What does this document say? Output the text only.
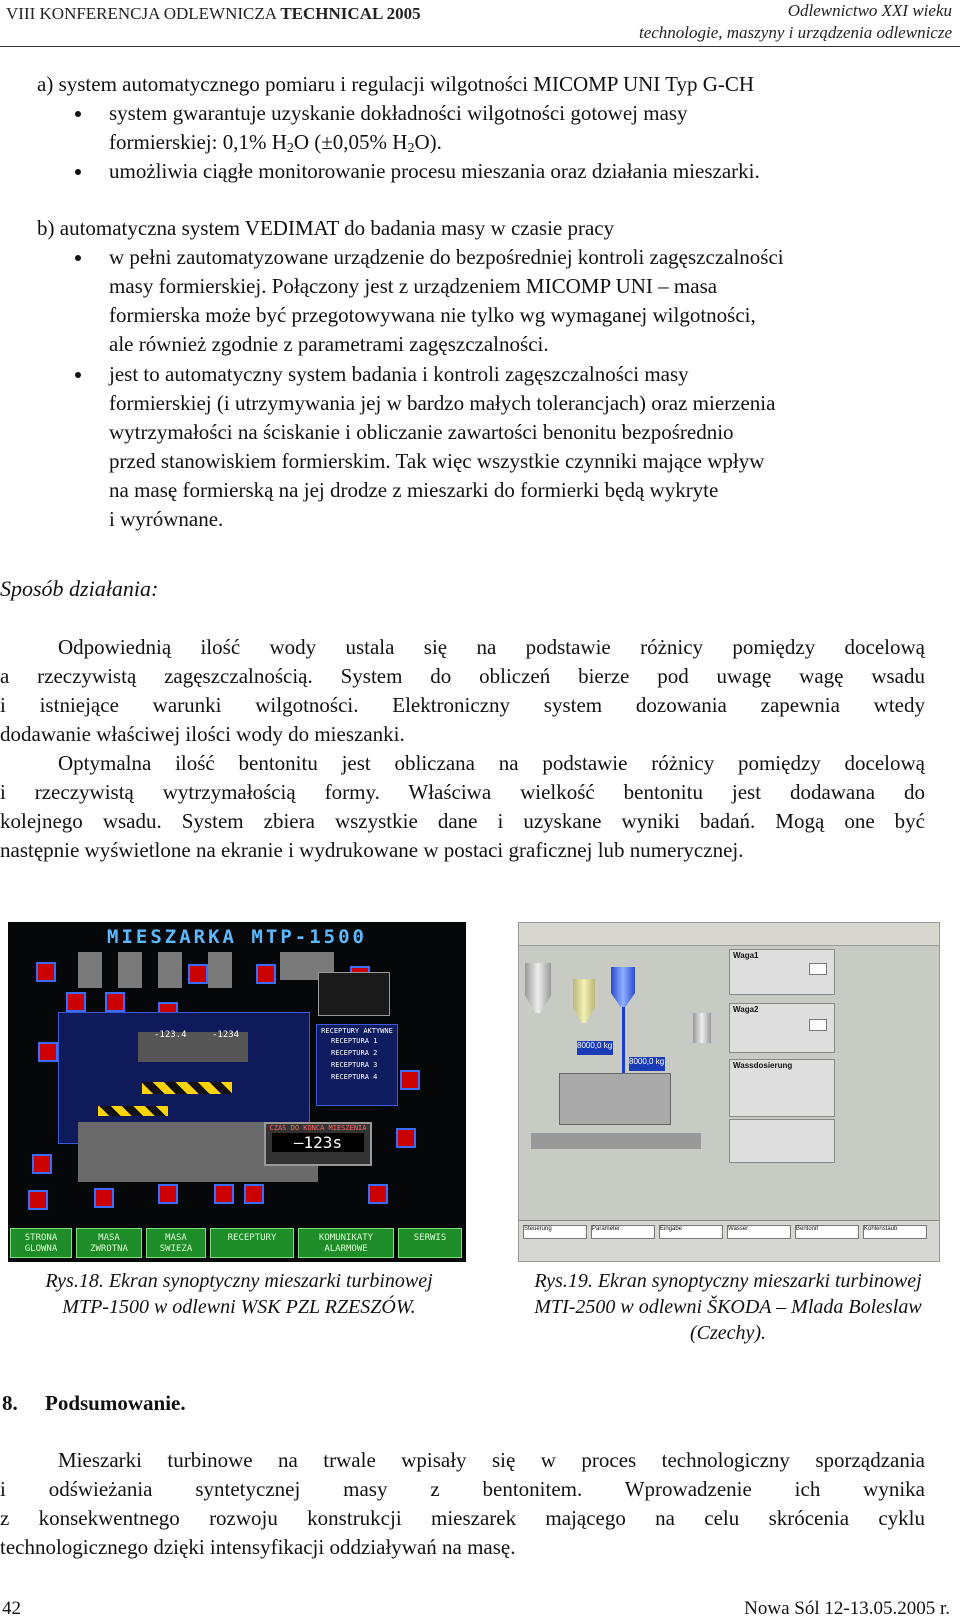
VIII KONFERENCJA ODLEWNICZA TECHNICAL 2005	Odlewnictwo XXI wieku
technologie, maszyny i urządzenia odlewnicze
a) system automatycznego pomiaru i regulacji wilgotności MICOMP UNI Typ G-CH
system gwarantuje uzyskanie dokładności wilgotności gotowej masy
formierskiej: 0,1% $H_2O$ (±0,05% $H_2O$).
umożliwia ciągłe monitorowanie procesu mieszania oraz działania mieszarki.
b) automatyczna system VEDIMAT do badania masy w czasie pracy
w pełni zautomatyzowane urządzenie do bezpośredniej kontroli zagęszczalności
masy formierskiej. Połączony jest z urządzeniem MICOMP UNI – masa
formierska może być przegotowywana nie tylko wg wymaganej wilgotności,
ale również zgodnie z parametrami zagęszczalności.
jest to automatyczny system badania i kontroli zagęszczalności masy
formierskiej (i utrzymywania jej w bardzo małych tolerancjach) oraz mierzenia
wytrzymałości na ściskanie i obliczanie zawartości benonitu bezpośrednio
przed stanowiskiem formierskim. Tak więc wszystkie czynniki mające wpływ
na masę formierską na jej drodze z mieszarki do formierki będą wykryte
i wyrównane.
Sposób działania:
Odpowiednią ilość wody ustala się na podstawie różnicy pomiędzy docelową
a rzeczywistą zagęszczalnością. System do obliczeń bierze pod uwagę wagę wsadu
i istniejące warunki wilgotności. Elektroniczny system dozowania zapewnia wtedy
dodawanie właściwej ilości wody do mieszanki.
Optymalna ilość bentonitu jest obliczana na podstawie różnicy pomiędzy docelową
i rzeczywistą wytrzymałością formy. Właściwa wielkość bentonitu jest dodawana do
kolejnego wsadu. System zbiera wszystkie dane i uzyskane wyniki badań. Mogą one być
następnie wyświetlone na ekranie i wydrukowane w postaci graficznej lub numerycznej.
MIESZARKA MTP-1500
-123.4	-1234	RECEPTURY AKTYWNE
RECEPTURA 1
RECEPTURA 2
RECEPTURA 3
RECEPTURA 4
CZAS DO KONCA MIESZENIA
—123s
STRONA GLOWNA
MASA ZWROTNA
MASA SWIEZA
RECEPTURY	KOMUNIKATY ALARMOWE
SERWIS
8000,0 kg
8000,0 kg
Waga1
Waga2
Wassdosierung
Steuerung	Parameter	Eingabe	Wasser	Bentonit	Kohlenstaub
Rys.18. Ekran synoptyczny mieszarki turbinowej
MTP-1500 w odlewni WSK PZL RZESZÓW.
Rys.19. Ekran synoptyczny mieszarki turbinowej
MTI-2500 w odlewni ŠKODA – Mlada Boleslaw
(Czechy).
8. Podsumowanie.
Mieszarki turbinowe na trwale wpisały się w proces technologiczny sporządzania
i odświeżania syntetycznej masy z bentonitem. Wprowadzenie ich wynika
z konsekwentnego rozwoju konstrukcji mieszarek mającego na celu skrócenia cyklu
technologicznego dzięki intensyfikacji oddziaływań na masę.
42	Nowa Sól 12-13.05.2005 r.
